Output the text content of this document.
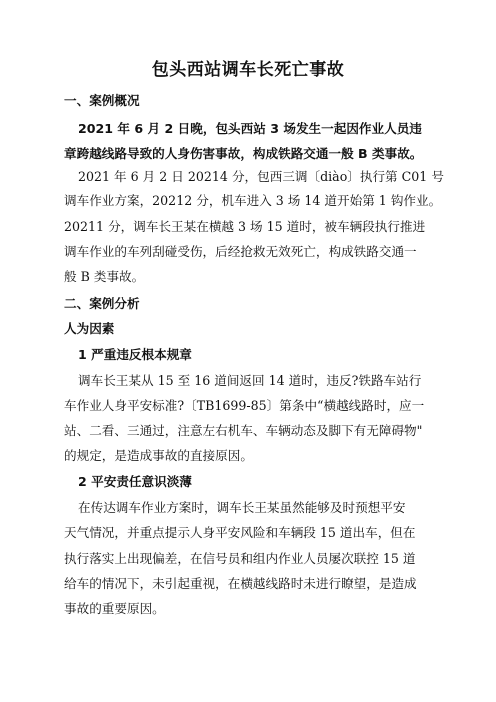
包头西站调车长死亡事故
一、案例概况
2021 年 6 月 2 日晚，包头西站 3 场发生一起因作业人员违
章跨越线路导致的人身伤害事故，构成铁路交通一般 B 类事故。
2021 年 6 月 2 日 20214 分，包西三调〔diào〕执行第 C01 号
调车作业方案，20212 分，机车进入 3 场 14 道开始第 1 钩作业。
20211 分，调车长王某在横越 3 场 15 道时，被车辆段执行推进
调车作业的车列刮碰受伤，后经抢救无效死亡，构成铁路交通一
般 B 类事故。
二、案例分析
人为因素
1 严重违反根本规章
调车长王某从 15 至 16 道间返回 14 道时，违反?铁路车站行
车作业人身平安标准?〔TB1699-85〕第条中“横越线路时，应一
站、二看、三通过，注意左右机车、车辆动态及脚下有无障碍物"
的规定，是造成事故的直接原因。
2 平安责任意识淡薄
在传达调车作业方案时，调车长王某虽然能够及时预想平安
天气情况，并重点提示人身平安风险和车辆段 15 道出车，但在
执行落实上出现偏差，在信号员和组内作业人员屡次联控 15 道
给车的情况下，未引起重视，在横越线路时未进行瞭望，是造成
事故的重要原因。
